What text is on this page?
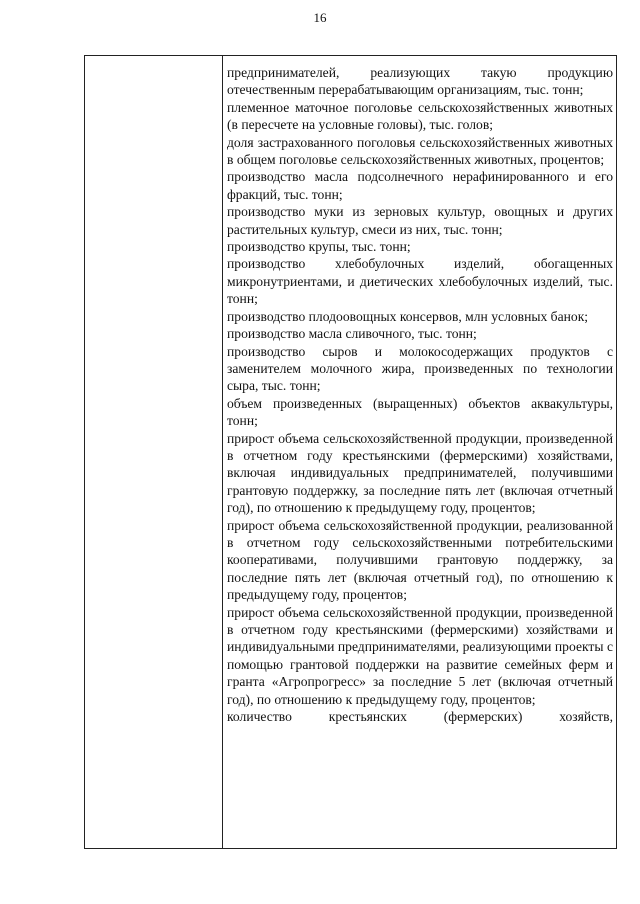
16
предпринимателей, реализующих такую продукцию отечественным перерабатывающим организациям, тыс. тонн;
племенное маточное поголовье сельскохозяйственных животных (в пересчете на условные головы), тыс. голов;
доля застрахованного поголовья сельскохозяйственных животных в общем поголовье сельскохозяйственных животных, процентов;
производство масла подсолнечного нерафинированного и его фракций, тыс. тонн;
производство муки из зерновых культур, овощных и других растительных культур, смеси из них, тыс. тонн;
производство крупы, тыс. тонн;
производство хлебобулочных изделий, обогащенных микронутриентами, и диетических хлебобулочных изделий, тыс. тонн;
производство плодоовощных консервов, млн условных банок;
производство масла сливочного, тыс. тонн;
производство сыров и молокосодержащих продуктов с заменителем молочного жира, произведенных по технологии сыра, тыс. тонн;
объем произведенных (выращенных) объектов аквакультуры, тонн;
прирост объема сельскохозяйственной продукции, произведенной в отчетном году крестьянскими (фермерскими) хозяйствами, включая индивидуальных предпринимателей, получившими грантовую поддержку, за последние пять лет (включая отчетный год), по отношению к предыдущему году, процентов;
прирост объема сельскохозяйственной продукции, реализованной в отчетном году сельскохозяйственными потребительскими кооперативами, получившими грантовую поддержку, за последние пять лет (включая отчетный год), по отношению к предыдущему году, процентов;
прирост объема сельскохозяйственной продукции, произведенной в отчетном году крестьянскими (фермерскими) хозяйствами и индивидуальными предпринимателями, реализующими проекты с помощью грантовой поддержки на развитие семейных ферм и гранта «Агропрогресс» за последние 5 лет (включая отчетный год), по отношению к предыдущему году, процентов;
количество крестьянских (фермерских) хозяйств,
